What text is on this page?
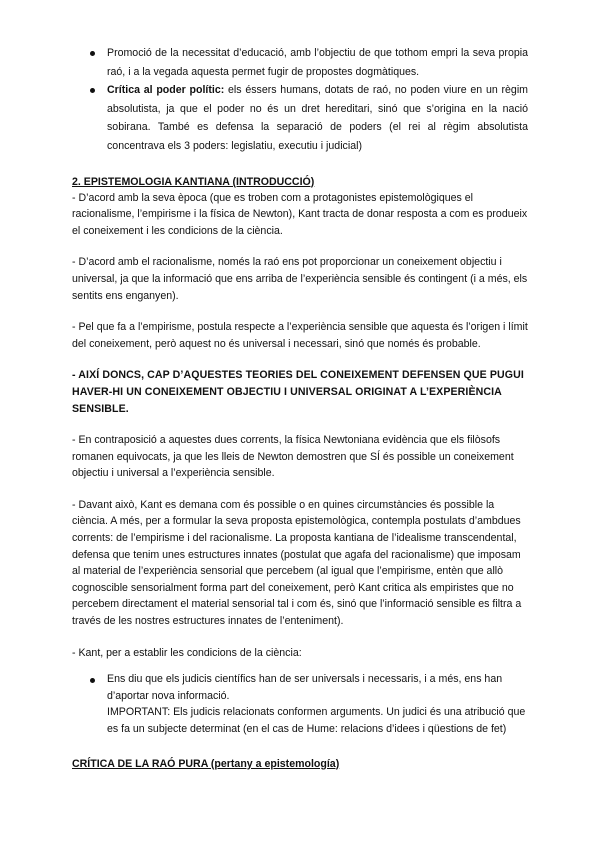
Promoció de la necessitat d’educació, amb l’objectiu de que tothom empri la seva propia raó, i a la vegada aquesta permet fugir de propostes dogmàtiques.
Crítica al poder polític: els éssers humans, dotats de raó, no poden viure en un règim absolutista, ja que el poder no és un dret hereditari, sinó que s’origina en la nació sobirana. També es defensa la separació de poders (el rei al règim absolutista concentrava els 3 poders: legislatiu, executiu i judicial)

2. EPISTEMOLOGIA KANTIANA (INTRODUCCIÓ)

- D’acord amb la seva època (que es troben com a protagonistes epistemològiques el racionalisme, l’empirisme i la física de Newton), Kant tracta de donar resposta a com es produeix el coneixement i les condicions de la ciència.

- D’acord amb el racionalisme, només la raó ens pot proporcionar un coneixement objectiu i universal, ja que la informació que ens arriba de l’experiència sensible és contingent (i a més, els sentits ens enganyen).

- Pel que fa a l’empirisme, postula respecte a l’experiència sensible que aquesta és l’origen i límit del coneixement, però aquest no és universal i necessari, sinó que només és probable.

- AIXÍ DONCS, CAP D’AQUESTES TEORIES DEL CONEIXEMENT DEFENSEN QUE PUGUI HAVER-HI UN CONEIXEMENT OBJECTIU I UNIVERSAL ORIGINAT A L’EXPERIÈNCIA SENSIBLE.

- En contraposició a aquestes dues corrents, la física Newtoniana evidència que els filòsofs romanen equivocats, ja que les lleis de Newton demostren que SÍ és possible un coneixement objectiu i universal a l’experiència sensible.

- Davant això, Kant es demana com és possible o en quines circumstàncies és possible la ciència. A més, per a formular la seva proposta epistemològica, contempla postulats d’ambdues corrents: de l’empirisme i del racionalisme. La proposta kantiana de l’idealisme transcendental, defensa que tenim unes estructures innates (postulat que agafa del racionalisme) que imposam al material de l’experiència sensorial que percebem (al igual que l’empirisme, entèn que allò cognoscible sensorialment forma part del coneixement, però Kant critica als empiristes que no percebem directament el material sensorial tal i com és, sinó que l’informació sensible es filtra a través de les nostres estructures innates de l’enteniment).

- Kant, per a establir les condicions de la ciència:

Ens diu que els judicis científics han de ser universals i necessaris, i a més, ens han d’aportar nova informació.
IMPORTANT: Els judicis relacionats conformen arguments. Un judici és una atribució que es fa un subjecte determinat (en el cas de Hume: relacions d’idees i qüestions de fet)

CRÍTICA DE LA RAÓ PURA (pertany a epistemología)
